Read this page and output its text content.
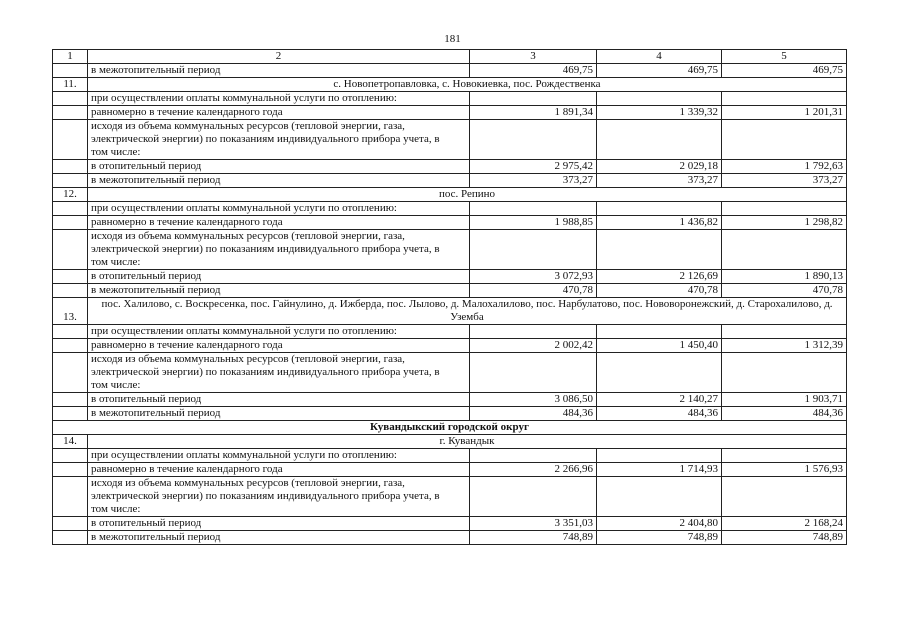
181
1	2	3	4	5
	в межотопительный период	469,75	469,75	469,75
11.	с. Новопетропавловка, с. Новокиевка, пос. Рождественка			
	при осуществлении оплаты коммунальной услуги по отоплению:			
	равномерно в течение календарного года	1 891,34	1 339,32	1 201,31

	исходя из объема коммунальных ресурсов (тепловой энергии, газа, электрической энергии) по показаниям индивидуального прибора учета, в том числе:			

	в отопительный период	2 975,42	2 029,18	1 792,63
	в межотопительный период	373,27	373,27	373,27
12.	пос. Репино			
	при осуществлении оплаты коммунальной услуги по отоплению:			
	равномерно в течение календарного года	1 988,85	1 436,82	1 298,82

	исходя из объема коммунальных ресурсов (тепловой энергии, газа, электрической энергии) по показаниям индивидуального прибора учета, в том числе:			

	в отопительный период	3 072,93	2 126,69	1 890,13
	в межотопительный период	470,78	470,78	470,78
13.	пос. Халилово, с. Воскресенка, пос. Гайнулино, д. Ижберда, пос. Лылово, д. Малохалилово, пос. Нарбулатово, пос. Нововоронежский, д. Старохалилово, д. Уземба			
	при осуществлении оплаты коммунальной услуги по отоплению:			
	равномерно в течение календарного года	2 002,42	1 450,40	1 312,39

	исходя из объема коммунальных ресурсов (тепловой энергии, газа, электрической энергии) по показаниям индивидуального прибора учета, в том числе:			

	в отопительный период	3 086,50	2 140,27	1 903,71
	в межотопительный период	484,36	484,36	484,36
Кувандыкский городской округ				
14.	г. Кувандык			
	при осуществлении оплаты коммунальной услуги по отоплению:			
	равномерно в течение календарного года	2 266,96	1 714,93	1 576,93

	исходя из объема коммунальных ресурсов (тепловой энергии, газа, электрической энергии) по показаниям индивидуального прибора учета, в том числе:			

	в отопительный период	3 351,03	2 404,80	2 168,24
	в межотопительный период	748,89	748,89	748,89
